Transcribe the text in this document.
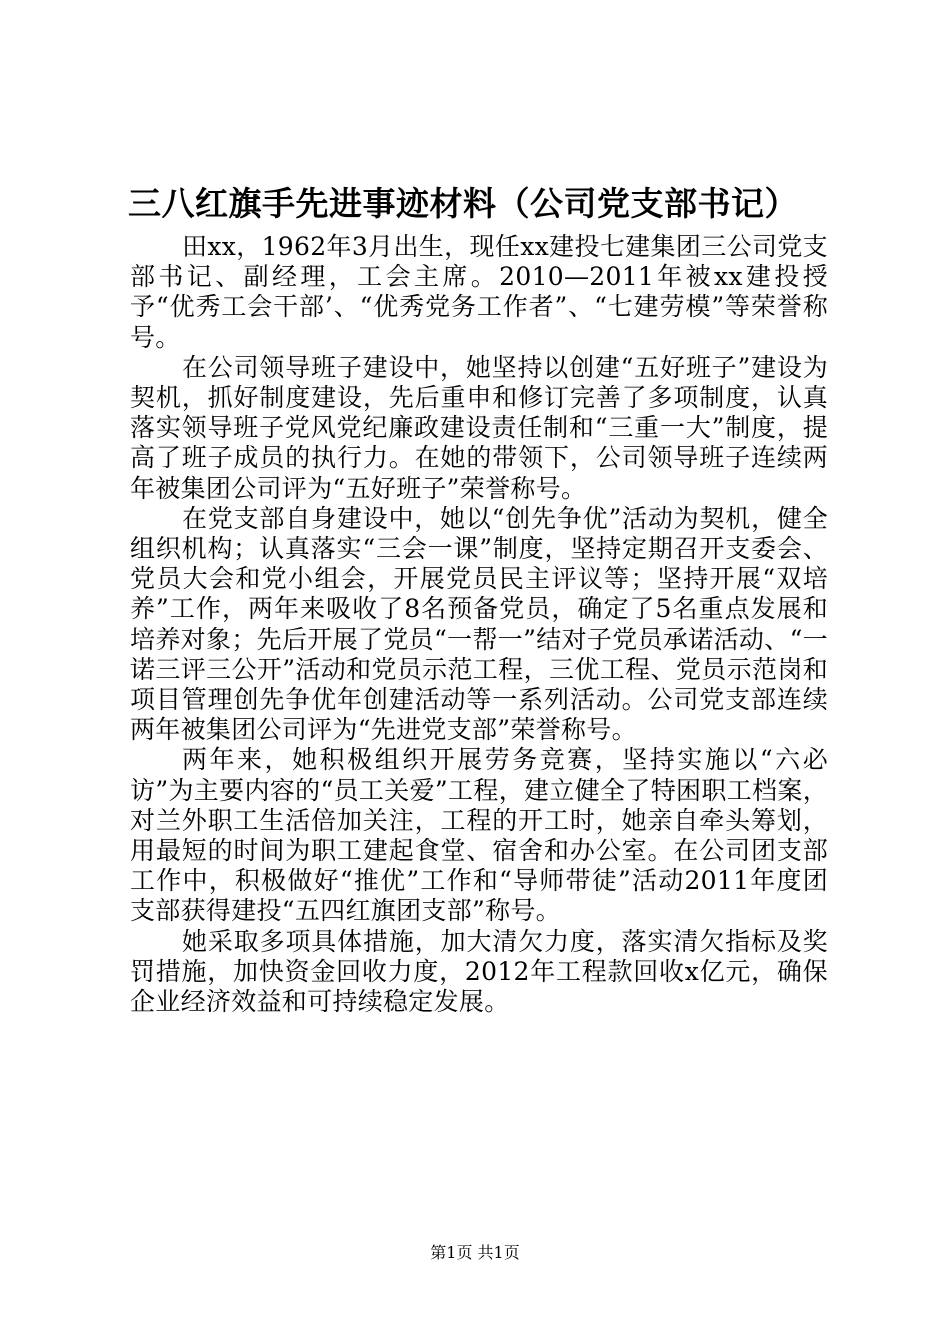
三八红旗手先进事迹材料（公司党支部书记）

田xx，1962年3月出生，现任xx建投七建集团三公司党支部书记、副经理，工会主席。2010—2011年被xx建投授予“优秀工会干部’、“优秀党务工作者”、“七建劳模”等荣誉称号。

在公司领导班子建设中，她坚持以创建“五好班子”建设为契机，抓好制度建设，先后重申和修订完善了多项制度，认真落实领导班子党风党纪廉政建设责任制和“三重一大”制度，提高了班子成员的执行力。在她的带领下，公司领导班子连续两年被集团公司评为“五好班子”荣誉称号。

在党支部自身建设中，她以“创先争优”活动为契机，健全组织机构；认真落实“三会一课”制度，坚持定期召开支委会、党员大会和党小组会，开展党员民主评议等；坚持开展“双培养”工作，两年来吸收了8名预备党员，确定了5名重点发展和培养对象；先后开展了党员“一帮一”结对子党员承诺活动、“一诺三评三公开”活动和党员示范工程，三优工程、党员示范岗和项目管理创先争优年创建活动等一系列活动。公司党支部连续两年被集团公司评为“先进党支部”荣誉称号。

两年来，她积极组织开展劳务竞赛，坚持实施以“六必访”为主要内容的“员工关爱”工程，建立健全了特困职工档案，对兰外职工生活倍加关注，工程的开工时，她亲自牵头筹划，用最短的时间为职工建起食堂、宿舍和办公室。在公司团支部工作中，积极做好“推优”工作和“导师带徒”活动2011年度团支部获得建投“五四红旗团支部”称号。

她采取多项具体措施，加大清欠力度，落实清欠指标及奖罚措施，加快资金回收力度，2012年工程款回收x亿元，确保企业经济效益和可持续稳定发展。

第1页 共1页
